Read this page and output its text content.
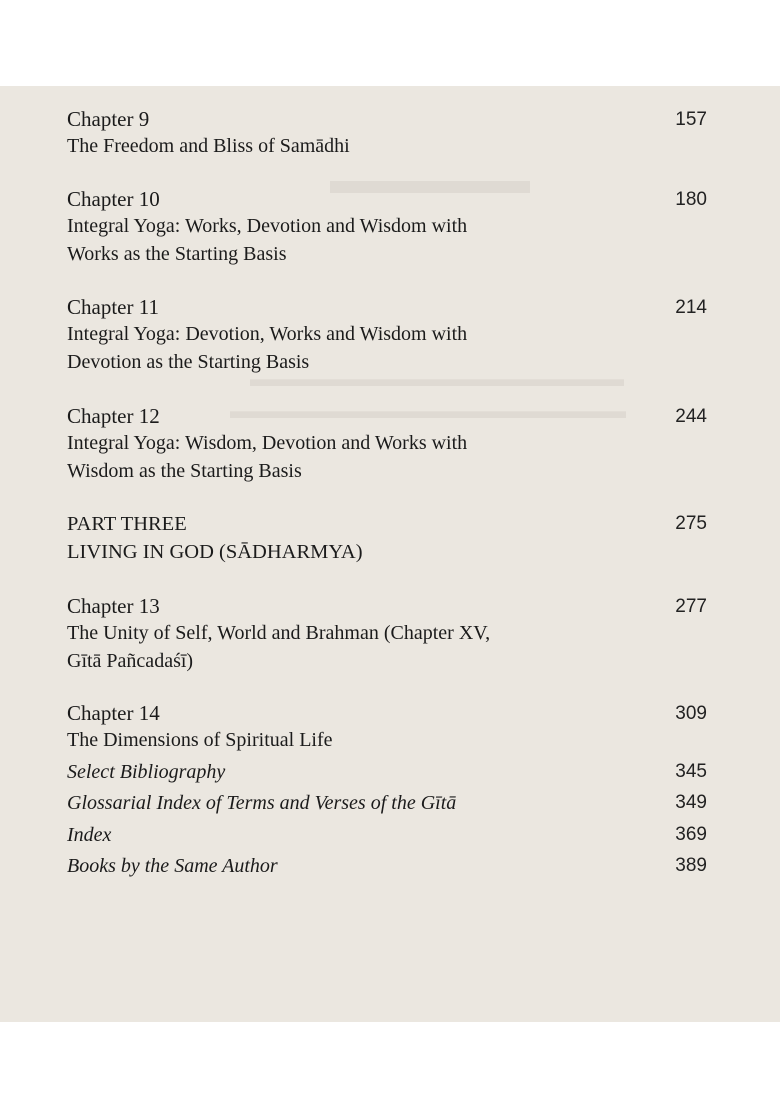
▬▬▬▬▬
▬▬▬▬▬▬▬▬▬▬▬▬▬▬▬▬▬
▬▬▬▬▬▬▬▬▬▬▬▬▬▬▬▬▬▬
Chapter 9
The Freedom and Bliss of Samādhi
157
Chapter 10
Integral Yoga: Works, Devotion and Wisdom with
Works as the Starting Basis
180
Chapter 11
Integral Yoga: Devotion, Works and Wisdom with
Devotion as the Starting Basis
214
Chapter 12
Integral Yoga: Wisdom, Devotion and Works with
Wisdom as the Starting Basis
244
PART THREE
LIVING IN GOD (SĀDHARMYA)
275
Chapter 13
The Unity of Self, World and Brahman (Chapter XV,
Gītā Pañcadaśī)
277
Chapter 14
The Dimensions of Spiritual Life
309
Select Bibliography	345
Glossarial Index of Terms and Verses of the Gītā	349
Index	369
Books by the Same Author	389
